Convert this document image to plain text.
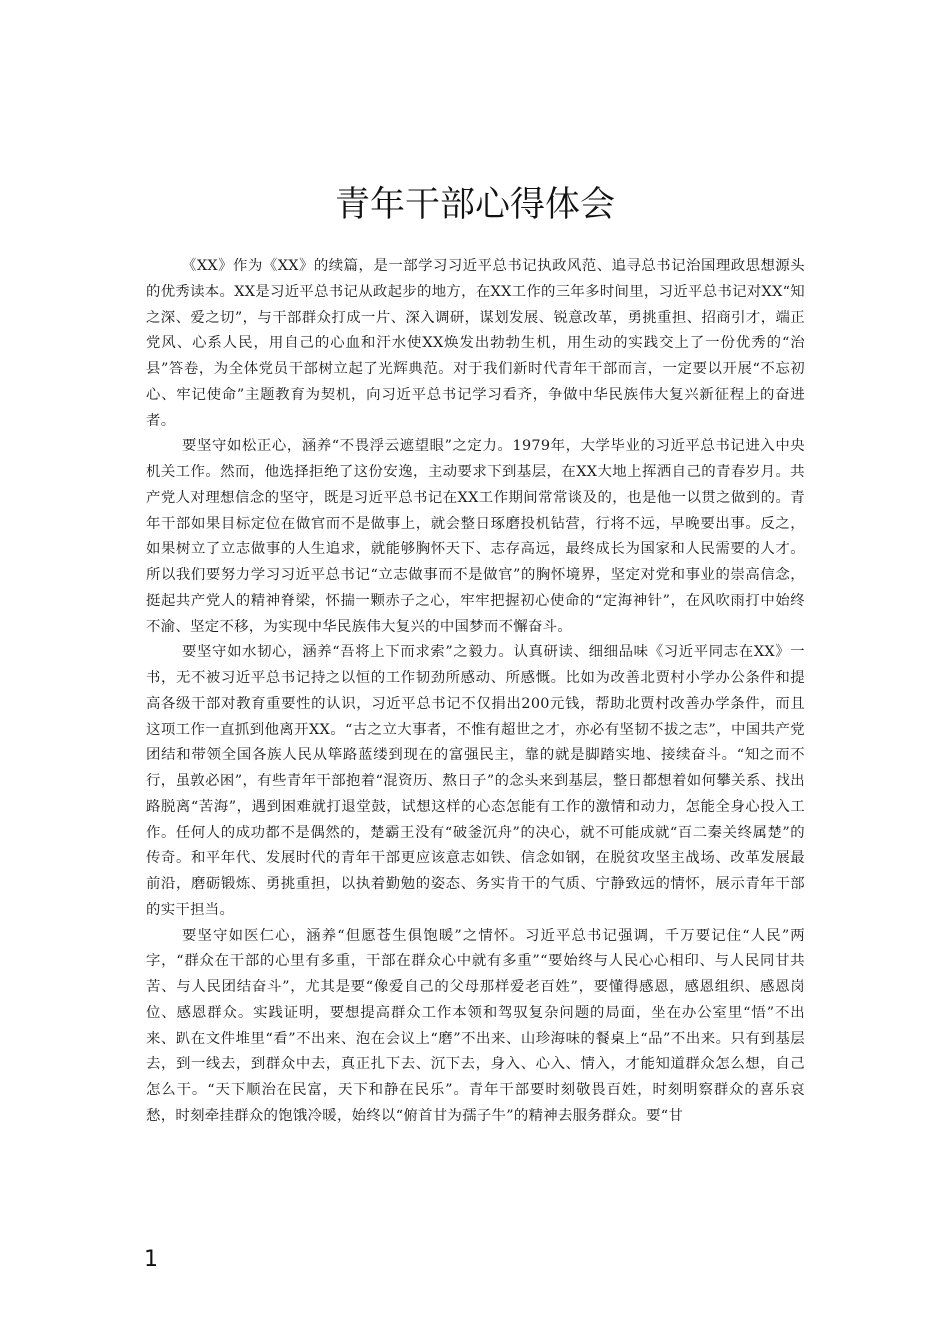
青年干部心得体会

《XX》作为《XX》的续篇，是一部学习习近平总书记执政风范、追寻总书记治国理政思想源头的优秀读本。XX是习近平总书记从政起步的地方，在XX工作的三年多时间里，习近平总书记对XX“知之深、爱之切”，与干部群众打成一片、深入调研，谋划发展、锐意改革，勇挑重担、招商引才，端正党风、心系人民，用自己的心血和汗水使XX焕发出勃勃生机，用生动的实践交上了一份优秀的“治县”答卷，为全体党员干部树立起了光辉典范。对于我们新时代青年干部而言，一定要以开展“不忘初心、牢记使命”主题教育为契机，向习近平总书记学习看齐，争做中华民族伟大复兴新征程上的奋进者。

要坚守如松正心，涵养“不畏浮云遮望眼”之定力。1979年，大学毕业的习近平总书记进入中央机关工作。然而，他选择拒绝了这份安逸，主动要求下到基层，在XX大地上挥洒自己的青春岁月。共产党人对理想信念的坚守，既是习近平总书记在XX工作期间常常谈及的，也是他一以贯之做到的。青年干部如果目标定位在做官而不是做事上，就会整日琢磨投机钻营，行将不远，早晚要出事。反之，如果树立了立志做事的人生追求，就能够胸怀天下、志存高远，最终成长为国家和人民需要的人才。所以我们要努力学习习近平总书记“立志做事而不是做官”的胸怀境界，坚定对党和事业的崇高信念，挺起共产党人的精神脊梁，怀揣一颗赤子之心，牢牢把握初心使命的“定海神针”，在风吹雨打中始终不渝、坚定不移，为实现中华民族伟大复兴的中国梦而不懈奋斗。

要坚守如水韧心，涵养“吾将上下而求索”之毅力。认真研读、细细品味《习近平同志在XX》一书，无不被习近平总书记持之以恒的工作韧劲所感动、所感慨。比如为改善北贾村小学办公条件和提高各级干部对教育重要性的认识，习近平总书记不仅捐出200元钱，帮助北贾村改善办学条件，而且这项工作一直抓到他离开XX。“古之立大事者，不惟有超世之才，亦必有坚韧不拔之志”，中国共产党团结和带领全国各族人民从筚路蓝缕到现在的富强民主，靠的就是脚踏实地、接续奋斗。“知之而不行，虽敦必困”，有些青年干部抱着“混资历、熬日子”的念头来到基层，整日都想着如何攀关系、找出路脱离“苦海”，遇到困难就打退堂鼓，试想这样的心态怎能有工作的激情和动力，怎能全身心投入工作。任何人的成功都不是偶然的，楚霸王没有“破釜沉舟”的决心，就不可能成就“百二秦关终属楚”的传奇。和平年代、发展时代的青年干部更应该意志如铁、信念如钢，在脱贫攻坚主战场、改革发展最前沿，磨砺锻炼、勇挑重担，以执着勤勉的姿态、务实肯干的气质、宁静致远的情怀，展示青年干部的实干担当。

要坚守如医仁心，涵养“但愿苍生俱饱暖”之情怀。习近平总书记强调，千万要记住“人民”两字，“群众在干部的心里有多重，干部在群众心中就有多重”“要始终与人民心心相印、与人民同甘共苦、与人民团结奋斗”，尤其是要“像爱自己的父母那样爱老百姓”，要懂得感恩，感恩组织、感恩岗位、感恩群众。实践证明，要想提高群众工作本领和驾驭复杂问题的局面，坐在办公室里“悟”不出来、趴在文件堆里“看”不出来、泡在会议上“磨”不出来、山珍海味的餐桌上“品”不出来。只有到基层去，到一线去，到群众中去，真正扎下去、沉下去，身入、心入、情入，才能知道群众怎么想，自己怎么干。“天下顺治在民富，天下和静在民乐”。青年干部要时刻敬畏百姓，时刻明察群众的喜乐哀愁，时刻牵挂群众的饱饿冷暖，始终以“俯首甘为孺子牛”的精神去服务群众。要“甘

1
